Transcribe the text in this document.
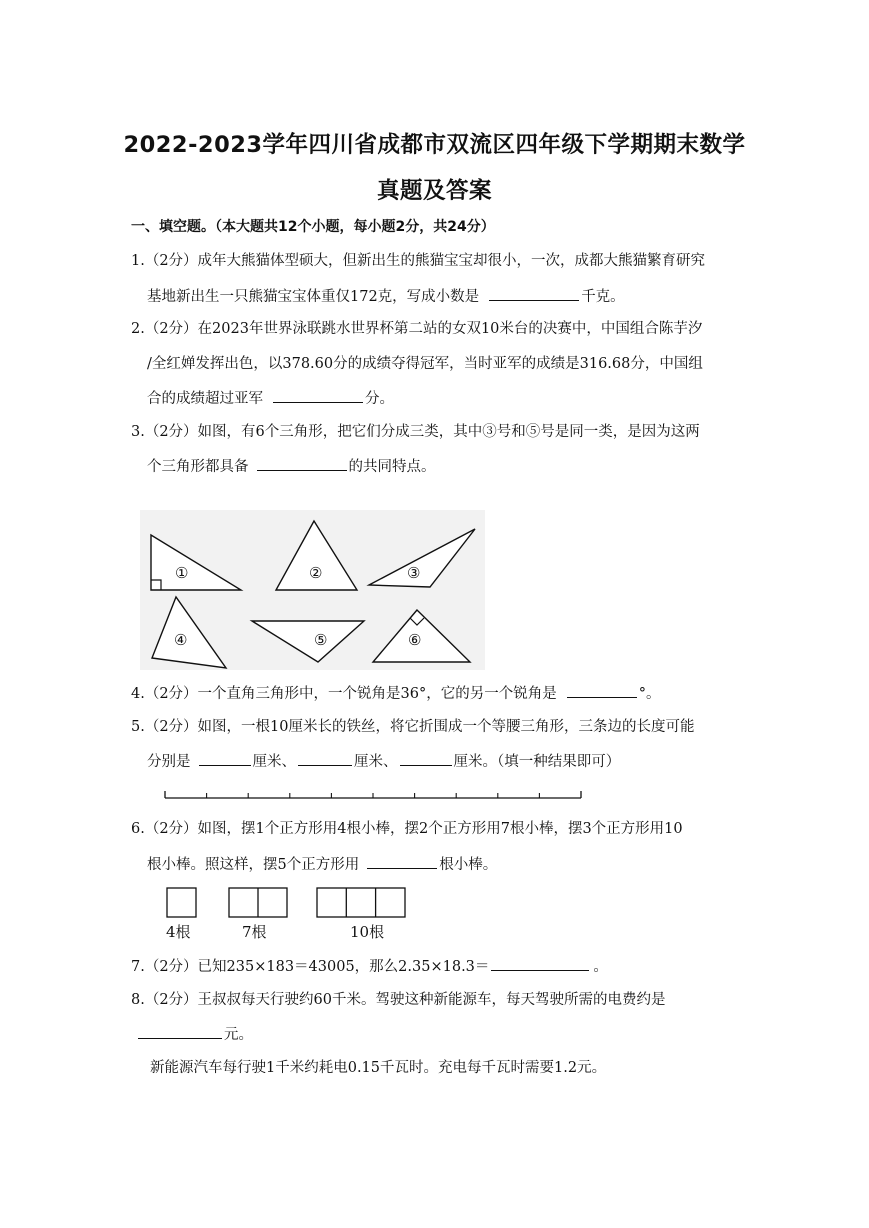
2022-2023学年四川省成都市双流区四年级下学期期末数学
真题及答案
一、填空题。（本大题共12个小题，每小题2分，共24分）
1.（2分）成年大熊猫体型硕大，但新出生的熊猫宝宝却很小，一次，成都大熊猫繁育研究
基地新出生一只熊猫宝宝体重仅172克，写成小数是	千克。
2.（2分）在2023年世界泳联跳水世界杯第二站的女双10米台的决赛中，中国组合陈芋汐
/全红婵发挥出色，以378.60分的成绩夺得冠军，当时亚军的成绩是316.68分，中国组
合的成绩超过亚军	分。
3.（2分）如图，有6个三角形，把它们分成三类，其中③号和⑤号是同一类，是因为这两
个三角形都具备	的共同特点。
①	②	③
④	⑤	⑥
4.（2分）一个直角三角形中，一个锐角是36°，它的另一个锐角是	°。
5.（2分）如图，一根10厘米长的铁丝，将它折围成一个等腰三角形，三条边的长度可能
分别是	厘米、	厘米、	厘米。（填一种结果即可）
6.（2分）如图，摆1个正方形用4根小棒，摆2个正方形用7根小棒，摆3个正方形用10
根小棒。照这样，摆5个正方形用	根小棒。
4根	7根	10根
7.（2分）已知235×183＝43005，那么2.35×18.3＝	。
8.（2分）王叔叔每天行驶约60千米。驾驶这种新能源车，每天驾驶所需的电费约是
元。
新能源汽车每行驶1千米约耗电0.15千瓦时。充电每千瓦时需要1.2元。
